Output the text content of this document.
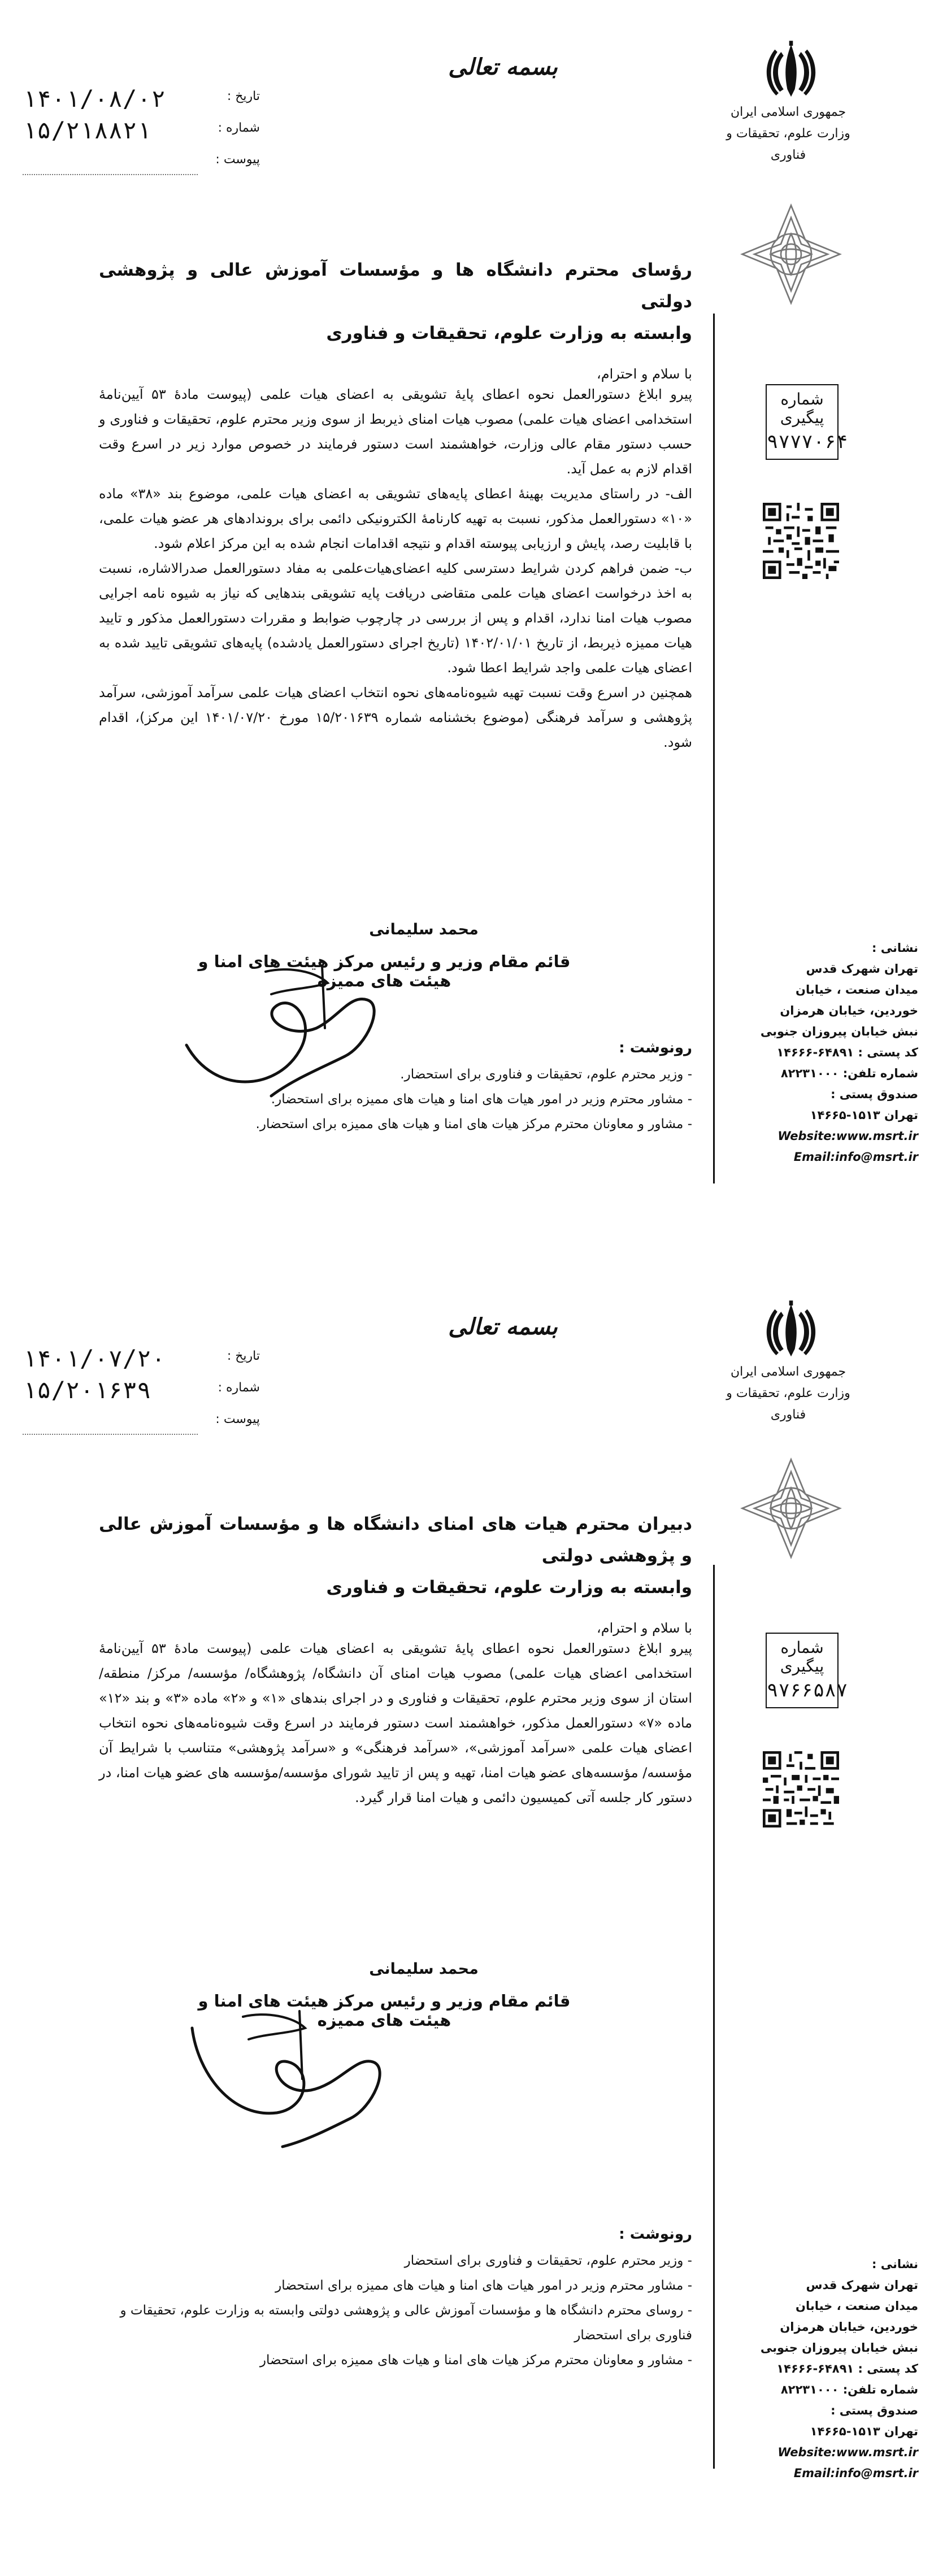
بسمه تعالی
جمهوری اسلامی ایران
وزارت علوم، تحقیقات و فناوری
۱۴۰۱/۰۸/۰۲	تاریخ :
۱۵/۲۱۸۸۲۱	شماره :
پیوست :
شماره پیگیری
۹۷۷۷۰۶۴
رؤسای محترم دانشگاه ها و مؤسسات آموزش عالی و پژوهشی دولتی
وابسته به وزارت علوم، تحقیقات و فناوری
با سلام و احترام،

پیرو ابلاغ دستورالعمل نحوه اعطای پایهٔ تشویقی به اعضای هیات علمی (پیوست مادهٔ ۵۳ آیین‌نامهٔ استخدامی اعضای هیات علمی) مصوب هیات امنای ذیربط از سوی وزیر محترم علوم، تحقیقات و فناوری و حسب دستور مقام عالی وزارت، خواهشمند است دستور فرمایند در خصوص موارد زیر در اسرع وقت اقدام لازم به عمل آید.

الف- در راستای مدیریت بهینهٔ اعطای پایه‌های تشویقی به اعضای هیات علمی، موضوع بند «۳۸» ماده «۱۰» دستورالعمل مذکور، نسبت به تهیه کارنامهٔ الکترونیکی دائمی برای بروندادهای هر عضو هیات علمی، با قابلیت رصد، پایش و ارزیابی پیوسته اقدام و نتیجه اقدامات انجام شده به این مرکز اعلام شود.

ب- ضمن فراهم کردن شرایط دسترسی کلیه اعضای‌هیات‌علمی به مفاد دستورالعمل صدرالاشاره، نسبت به اخذ درخواست اعضای هیات علمی متقاضی دریافت پایه تشویقی بندهایی که نیاز به شیوه نامه اجرایی مصوب هیات امنا ندارد، اقدام و پس از بررسی در چارچوب ضوابط و مقررات دستورالعمل مذکور و تایید هیات ممیزه ذیربط، از تاریخ ۱۴۰۲/۰۱/۰۱ (تاریخ اجرای دستورالعمل یادشده) پایه‌های تشویقی تایید شده به اعضای هیات علمی واجد شرایط اعطا شود.

همچنین در اسرع وقت نسبت تهیه شیوه‌نامه‌های نحوه انتخاب اعضای هیات علمی سرآمد آموزشی، سرآمد پژوهشی و سرآمد فرهنگی (موضوع بخشنامه شماره ۱۵/۲۰۱۶۳۹ مورخ ۱۴۰۱/۰۷/۲۰ این مرکز)، اقدام شود.

محمد سلیمانی
قائم مقام وزیر و رئیس مرکز هیئت های امنا و هیئت های ممیزه
رونوشت :
- وزیر محترم علوم، تحقیقات و فناوری برای استحضار.
- مشاور محترم وزیر در امور هیات های امنا و هیات های ممیزه برای استحضار.
- مشاور و معاونان محترم مرکز هیات های امنا و هیات های ممیزه برای استحضار.
نشانی :
تهران شهرک قدس
میدان صنعت ، خیابان
خوردین، خیابان هرمزان
نبش خیابان پیروزان جنوبی
کد پستی : ۶۴۸۹۱-۱۴۶۶۶
شماره تلفن: ۸۲۲۳۱۰۰۰
صندوق پستی :
تهران ۱۵۱۳-۱۴۶۶۵
Website:www.msrt.ir
Email:info@msrt.ir
بسمه تعالی
جمهوری اسلامی ایران
وزارت علوم، تحقیقات و فناوری
۱۴۰۱/۰۷/۲۰	تاریخ :
۱۵/۲۰۱۶۳۹	شماره :
پیوست :
شماره پیگیری
۹۷۶۶۵۸۷
دبیران محترم هیات های امنای دانشگاه ها و مؤسسات آموزش عالی و پژوهشی دولتی
وابسته به وزارت علوم، تحقیقات و فناوری
با سلام و احترام،

پیرو ابلاغ دستورالعمل نحوه اعطای پایهٔ تشویقی به اعضای هیات علمی (پیوست مادهٔ ۵۳ آیین‌نامهٔ استخدامی اعضای هیات علمی) مصوب هیات امنای آن دانشگاه/ پژوهشگاه/ مؤسسه/ مرکز/ منطقه/ استان از سوی وزیر محترم علوم، تحقیقات و فناوری و در اجرای بندهای «۱» و «۲» ماده «۳» و بند «۱۲» ماده «۷» دستورالعمل مذکور، خواهشمند است دستور فرمایند در اسرع وقت شیوه‌نامه‌های نحوه انتخاب اعضای هیات علمی «سرآمد آموزشی»، «سرآمد فرهنگی» و «سرآمد پژوهشی» متناسب با شرایط آن مؤسسه/ مؤسسه‌های عضو هیات امنا، تهیه و پس از تایید شورای مؤسسه/مؤسسه های عضو هیات امنا، در دستور کار جلسه آتی کمیسیون دائمی و هیات امنا قرار گیرد.

محمد سلیمانی
قائم مقام وزیر و رئیس مرکز هیئت های امنا و هیئت های ممیزه
رونوشت :
- وزیر محترم علوم، تحقیقات و فناوری برای استحضار
- مشاور محترم وزیر در امور هیات های امنا و هیات های ممیزه برای استحضار
- روسای محترم دانشگاه ها و مؤسسات آموزش عالی و پژوهشی دولتی وابسته به وزارت علوم، تحقیقات و فناوری برای استحضار
- مشاور و معاونان محترم مرکز هیات های امنا و هیات های ممیزه برای استحضار
نشانی :
تهران شهرک قدس
میدان صنعت ، خیابان
خوردین، خیابان هرمزان
نبش خیابان پیروزان جنوبی
کد پستی : ۶۴۸۹۱-۱۴۶۶۶
شماره تلفن: ۸۲۲۳۱۰۰۰
صندوق پستی :
تهران ۱۵۱۳-۱۴۶۶۵
Website:www.msrt.ir
Email:info@msrt.ir
